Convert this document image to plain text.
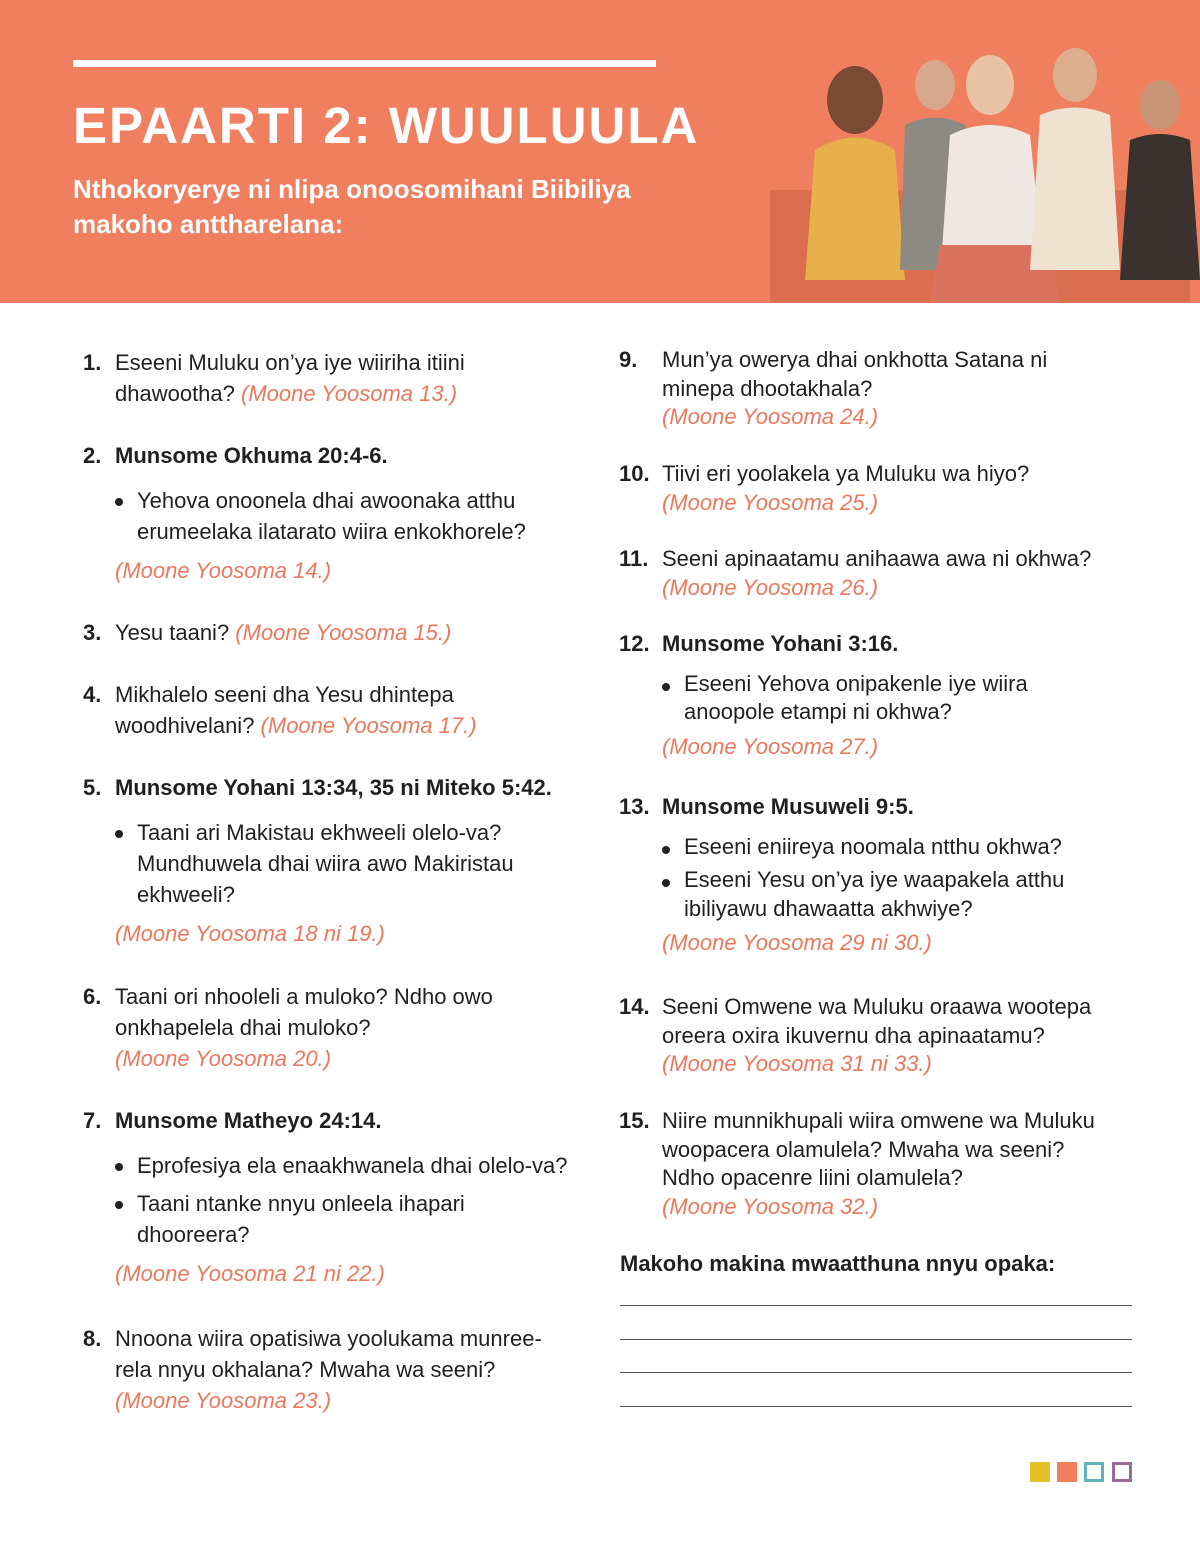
EPAARTI 2: WUULUULA
Nthokoryerye ni nlipa onoosomihani Biibiliya
makoho anttharelana:
1. Eseeni Muluku on’ya iye wiiriha itiini
dhawootha? (Moone Yoosoma 13.)
2. Munsome Okhuma 20:4-6.
Yehova onoonela dhai awoonaka atthu
erumeelaka ilatarato wiira enkokhorele?
(Moone Yoosoma 14.)
3. Yesu taani? (Moone Yoosoma 15.)
4. Mikhalelo seeni dha Yesu dhintepa
woodhivelani? (Moone Yoosoma 17.)
5. Munsome Yohani 13:34, 35 ni Miteko 5:42.
Taani ari Makistau ekhweeli olelo-va?
Mundhuwela dhai wiira awo Makiristau
ekhweeli?
(Moone Yoosoma 18 ni 19.)
6. Taani ori nhooleli a muloko? Ndho owo
onkhapelela dhai muloko?
(Moone Yoosoma 20.)
7. Munsome Matheyo 24:14.
Eprofesiya ela enaakhwanela dhai olelo-va?
Taani ntanke nnyu onleela ihapari
dhooreera?
(Moone Yoosoma 21 ni 22.)
8. Nnoona wiira opatisiwa yoolukama munree-
rela nnyu okhalana? Mwaha wa seeni?
(Moone Yoosoma 23.)
9. Mun’ya owerya dhai onkhotta Satana ni
minepa dhootakhala?
(Moone Yoosoma 24.)
10. Tiivi eri yoolakela ya Muluku wa hiyo?
(Moone Yoosoma 25.)
11. Seeni apinaatamu anihaawa awa ni okhwa?
(Moone Yoosoma 26.)
12. Munsome Yohani 3:16.
Eseeni Yehova onipakenle iye wiira
anoopole etampi ni okhwa?
(Moone Yoosoma 27.)
13. Munsome Musuweli 9:5.
Eseeni eniireya noomala ntthu okhwa?
Eseeni Yesu on’ya iye waapakela atthu
ibiliyawu dhawaatta akhwiye?
(Moone Yoosoma 29 ni 30.)
14. Seeni Omwene wa Muluku oraawa wootepa
oreera oxira ikuvernu dha apinaatamu?
(Moone Yoosoma 31 ni 33.)
15. Niire munnikhupali wiira omwene wa Muluku
woopacera olamulela? Mwaha wa seeni?
Ndho opacenre liini olamulela?
(Moone Yoosoma 32.)
Makoho makina mwaatthuna nnyu opaka:
